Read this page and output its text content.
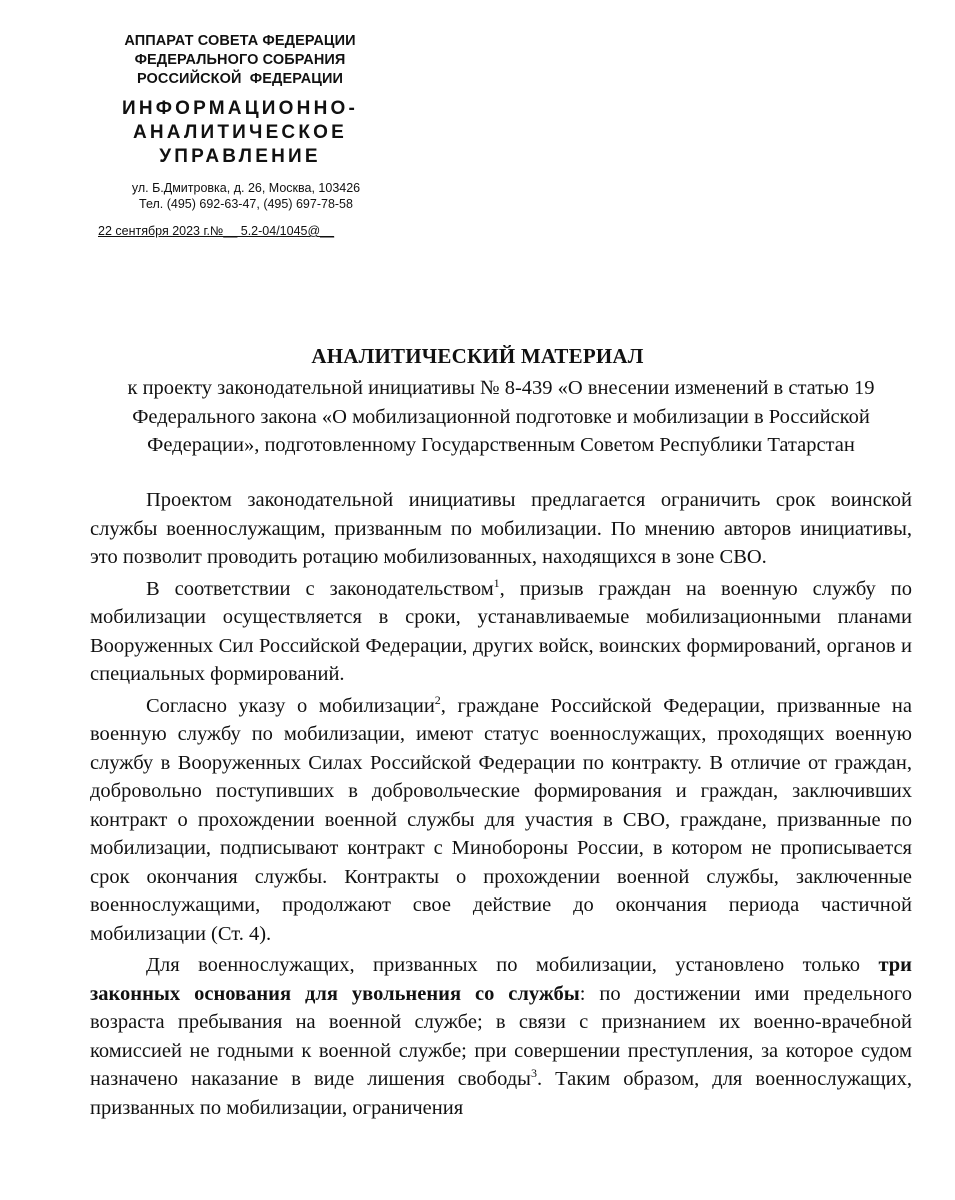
АППАРАТ СОВЕТА ФЕДЕРАЦИИ
ФЕДЕРАЛЬНОГО СОБРАНИЯ
РОССИЙСКОЙ  ФЕДЕРАЦИИ
ИНФОРМАЦИОННО-
АНАЛИТИЧЕСКОЕ
УПРАВЛЕНИЕ
ул. Б.Дмитровка, д. 26, Москва, 103426
Тел. (495) 692-63-47, (495) 697-78-58
22 сентября 2023 г.№__ 5.2-04/1045@__
АНАЛИТИЧЕСКИЙ МАТЕРИАЛ
к проекту законодательной инициативы № 8-439 «О внесении изменений в статью 19 Федерального закона «О мобилизационной подготовке и мобилизации в Российской Федерации», подготовленному Государственным Советом Республики Татарстан

Проектом законодательной инициативы предлагается ограничить срок воинской службы военнослужащим, призванным по мобилизации. По мнению авторов инициативы, это позволит проводить ротацию мобилизованных, находящихся в зоне СВО.

В соответствии с законодательством$^1$, призыв граждан на военную службу по мобилизации осуществляется в сроки, устанавливаемые мобилизационными планами Вооруженных Сил Российской Федерации, других войск, воинских формирований, органов и специальных формирований.

Согласно указу о мобилизации$^2$, граждане Российской Федерации, призванные на военную службу по мобилизации, имеют статус военнослужащих, проходящих военную службу в Вооруженных Силах Российской Федерации по контракту. В отличие от граждан, добровольно поступивших в добровольческие формирования и граждан, заключивших контракт о прохождении военной службы для участия в СВО, граждане, призванные по мобилизации, подписывают контракт с Минобороны России, в котором не прописывается срок окончания службы. Контракты о прохождении военной службы, заключенные военнослужащими, продолжают свое действие до окончания периода частичной мобилизации (Ст. 4).

Для военнослужащих, призванных по мобилизации, установлено только три законных основания для увольнения со службы: по достижении ими предельного возраста пребывания на военной службе; в связи с признанием их военно-врачебной комиссией не годными к военной службе; при совершении преступления, за которое судом назначено наказание в виде лишения свободы$^3$. Таким образом, для военнослужащих, призванных по мобилизации, ограничения
